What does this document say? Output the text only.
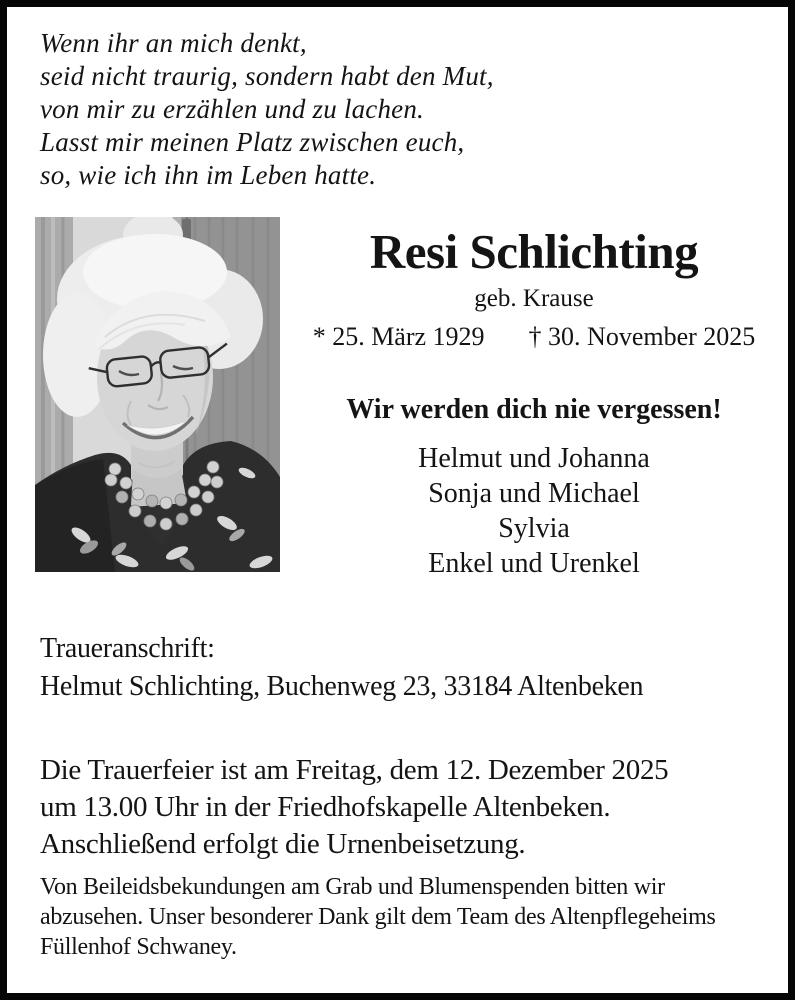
Wenn ihr an mich denkt,
seid nicht traurig, sondern habt den Mut,
von mir zu erzählen und zu lachen.
Lasst mir meinen Platz zwischen euch,
so, wie ich ihn im Leben hatte.
Resi Schlichting
geb. Krause
* 25. März 1929 † 30. November 2025
Wir werden dich nie vergessen!
Helmut und Johanna
Sonja und Michael
Sylvia
Enkel und Urenkel
Traueranschrift:
Helmut Schlichting, Buchenweg 23, 33184 Altenbeken
Die Trauerfeier ist am Freitag, dem 12. Dezember 2025
um 13.00 Uhr in der Friedhofskapelle Altenbeken.
Anschließend erfolgt die Urnenbeisetzung.
Von Beileidsbekundungen am Grab und Blumenspenden bitten wir
abzusehen. Unser besonderer Dank gilt dem Team des Altenpflegeheims
Füllenhof Schwaney.
